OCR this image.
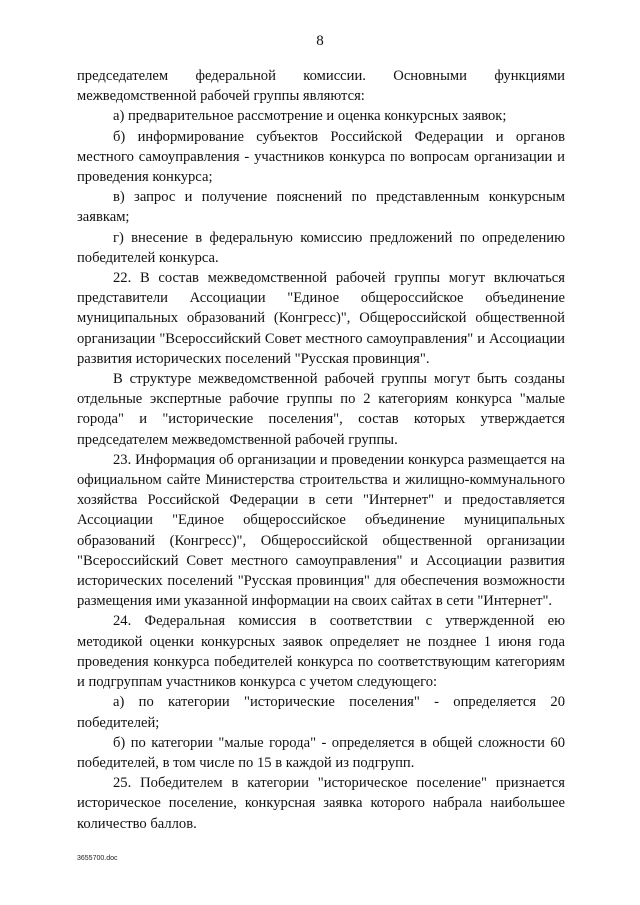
8

председателем федеральной комиссии. Основными функциями межведомственной рабочей группы являются:

а) предварительное рассмотрение и оценка конкурсных заявок;

б) информирование субъектов Российской Федерации и органов местного самоуправления - участников конкурса по вопросам организации и проведения конкурса;

в) запрос и получение пояснений по представленным конкурсным заявкам;

г) внесение в федеральную комиссию предложений по определению победителей конкурса.

22. В состав межведомственной рабочей группы могут включаться представители Ассоциации "Единое общероссийское объединение муниципальных образований (Конгресс)", Общероссийской общественной организации "Всероссийский Совет местного самоуправления" и Ассоциации развития исторических поселений "Русская провинция".

В структуре межведомственной рабочей группы могут быть созданы отдельные экспертные рабочие группы по 2 категориям конкурса "малые города" и "исторические поселения", состав которых утверждается председателем межведомственной рабочей группы.

23. Информация об организации и проведении конкурса размещается на официальном сайте Министерства строительства и жилищно-коммунального хозяйства Российской Федерации в сети "Интернет" и предоставляется Ассоциации "Единое общероссийское объединение муниципальных образований (Конгресс)", Общероссийской общественной организации "Всероссийский Совет местного самоуправления" и Ассоциации развития исторических поселений "Русская провинция" для обеспечения возможности размещения ими указанной информации на своих сайтах в сети "Интернет".

24. Федеральная комиссия в соответствии с утвержденной ею методикой оценки конкурсных заявок определяет не позднее 1 июня года проведения конкурса победителей конкурса по соответствующим категориям и подгруппам участников конкурса с учетом следующего:

а) по категории "исторические поселения" - определяется 20 победителей;

б) по категории "малые города" - определяется в общей сложности 60 победителей, в том числе по 15 в каждой из подгрупп.

25. Победителем в категории "историческое поселение" признается историческое поселение, конкурсная заявка которого набрала наибольшее количество баллов.

3655700.doc
